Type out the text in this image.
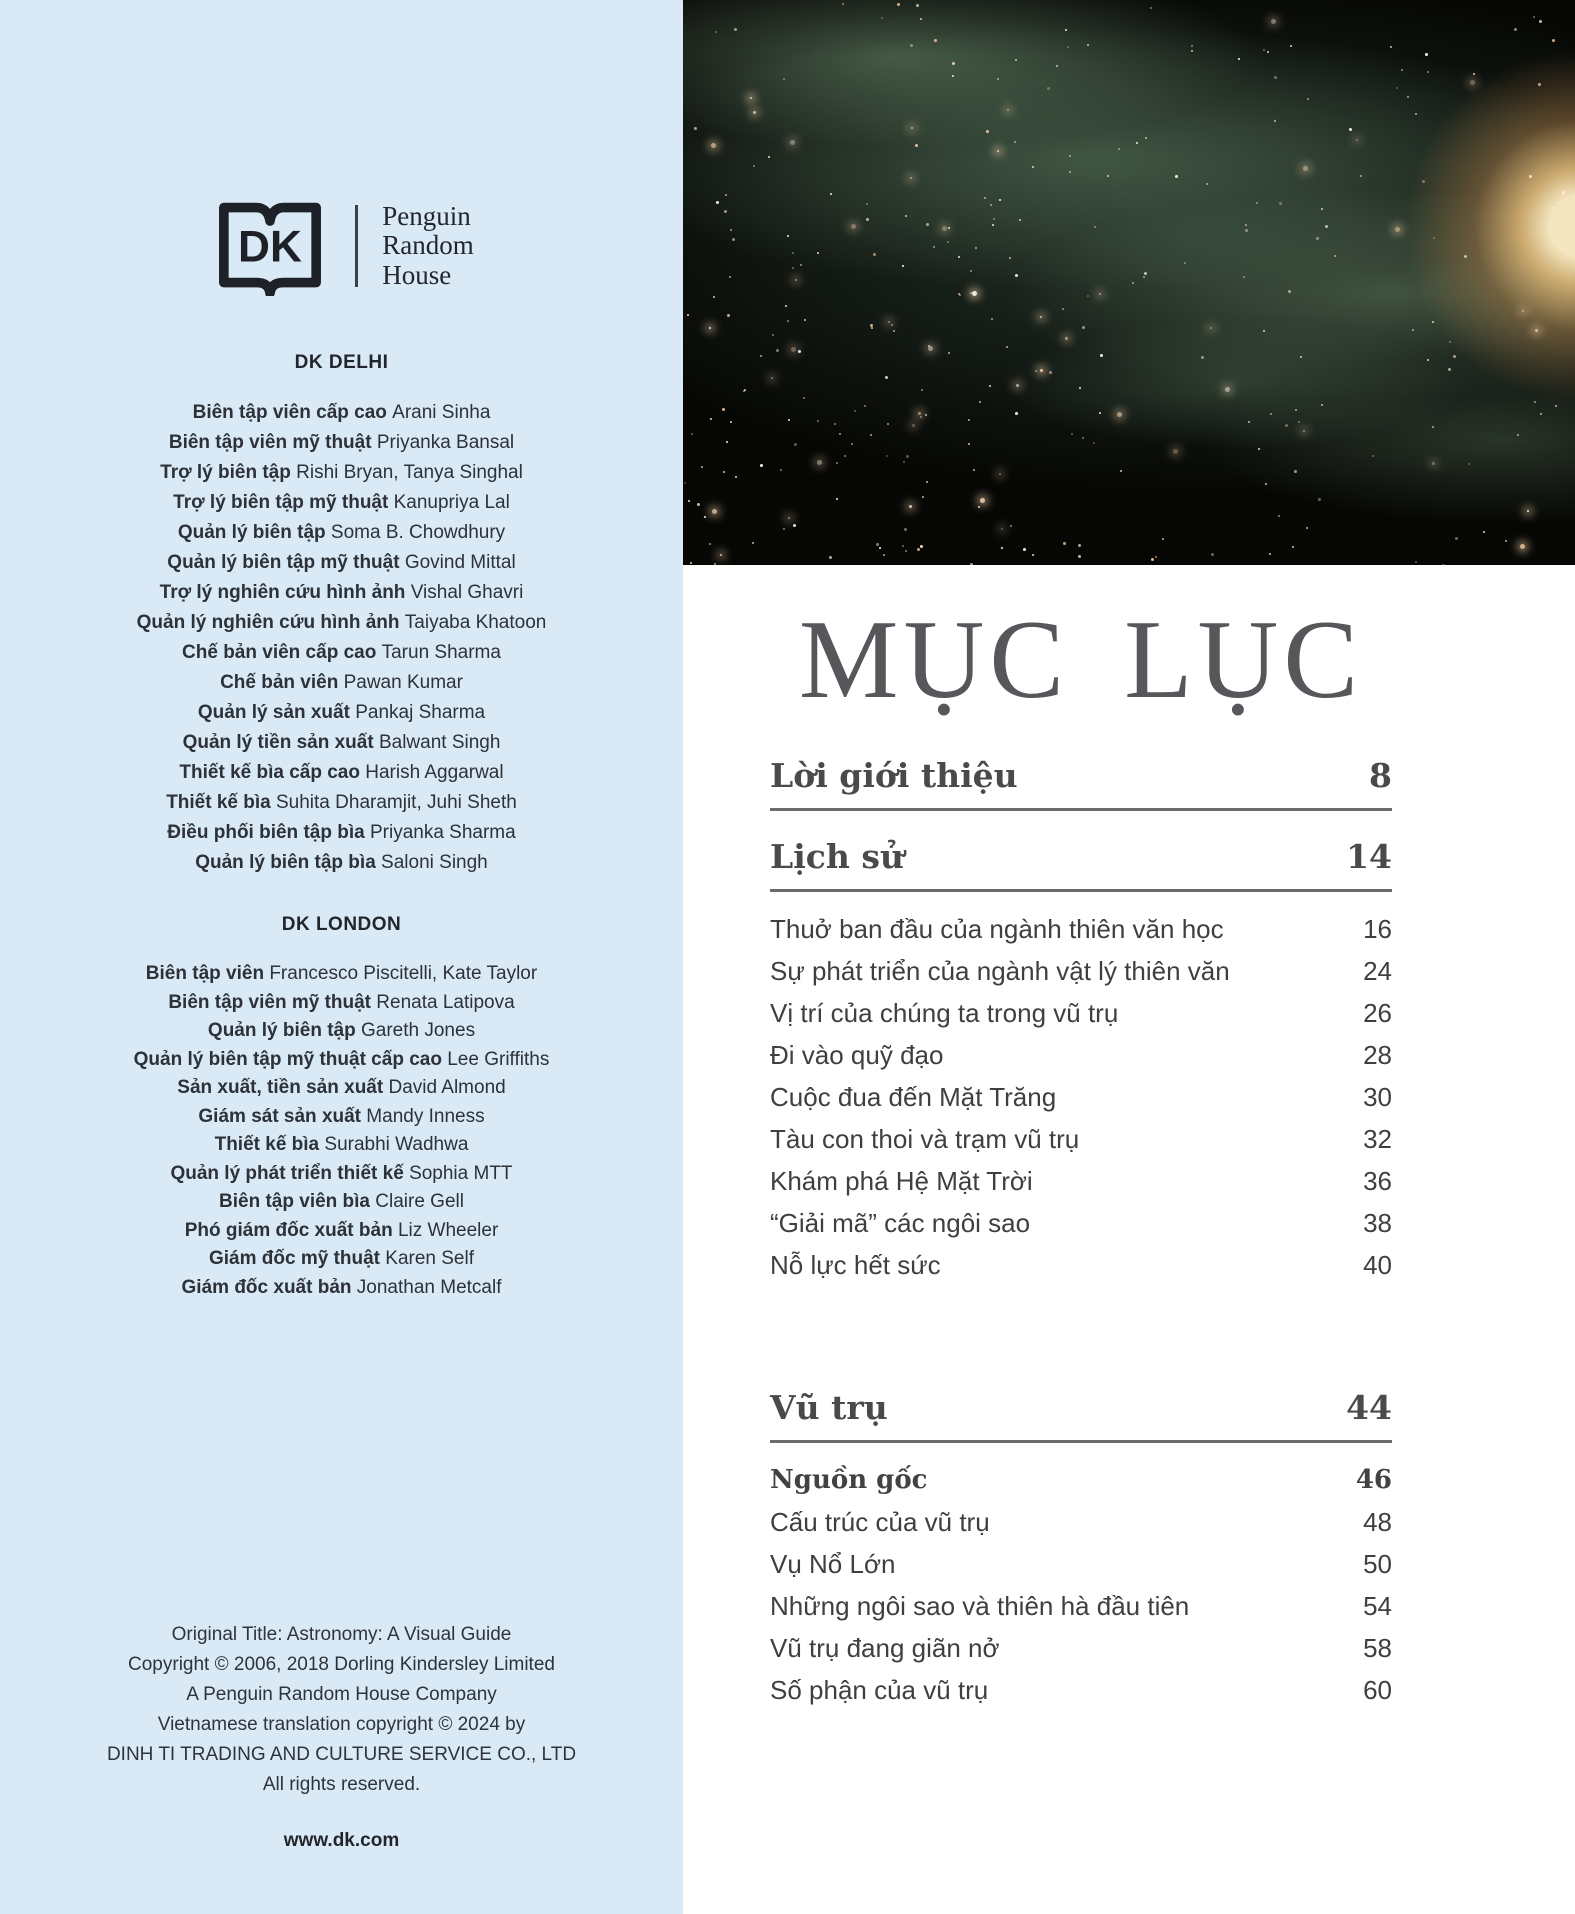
DK
Penguin
Random
House
DK DELHI
Biên tập viên cấp cao Arani Sinha
Biên tập viên mỹ thuật Priyanka Bansal
Trợ lý biên tập Rishi Bryan, Tanya Singhal
Trợ lý biên tập mỹ thuật Kanupriya Lal
Quản lý biên tập Soma B. Chowdhury
Quản lý biên tập mỹ thuật Govind Mittal
Trợ lý nghiên cứu hình ảnh Vishal Ghavri
Quản lý nghiên cứu hình ảnh Taiyaba Khatoon
Chế bản viên cấp cao Tarun Sharma
Chế bản viên Pawan Kumar
Quản lý sản xuất Pankaj Sharma
Quản lý tiền sản xuất Balwant Singh
Thiết kế bìa cấp cao Harish Aggarwal
Thiết kế bìa Suhita Dharamjit, Juhi Sheth
Điều phối biên tập bìa Priyanka Sharma
Quản lý biên tập bìa Saloni Singh
DK LONDON
Biên tập viên Francesco Piscitelli, Kate Taylor
Biên tập viên mỹ thuật Renata Latipova
Quản lý biên tập Gareth Jones
Quản lý biên tập mỹ thuật cấp cao Lee Griffiths
Sản xuất, tiền sản xuất David Almond
Giám sát sản xuất Mandy Inness
Thiết kế bìa Surabhi Wadhwa
Quản lý phát triển thiết kế Sophia MTT
Biên tập viên bìa Claire Gell
Phó giám đốc xuất bản Liz Wheeler
Giám đốc mỹ thuật Karen Self
Giám đốc xuất bản Jonathan Metcalf
Original Title: Astronomy: A Visual Guide
Copyright © 2006, 2018 Dorling Kindersley Limited
A Penguin Random House Company
Vietnamese translation copyright © 2024 by
DINH TI TRADING AND CULTURE SERVICE CO., LTD
All rights reserved.
www.dk.com
MỤC LỤC
Lời giới thiệu	8
Lịch sử	14
Thuở ban đầu của ngành thiên văn học	16
Sự phát triển của ngành vật lý thiên văn	24
Vị trí của chúng ta trong vũ trụ	26
Đi vào quỹ đạo	28
Cuộc đua đến Mặt Trăng	30
Tàu con thoi và trạm vũ trụ	32
Khám phá Hệ Mặt Trời	36
“Giải mã” các ngôi sao	38
Nỗ lực hết sức	40
Vũ trụ	44
Nguồn gốc	46
Cấu trúc của vũ trụ	48
Vụ Nổ Lớn	50
Những ngôi sao và thiên hà đầu tiên	54
Vũ trụ đang giãn nở	58
Số phận của vũ trụ	60
